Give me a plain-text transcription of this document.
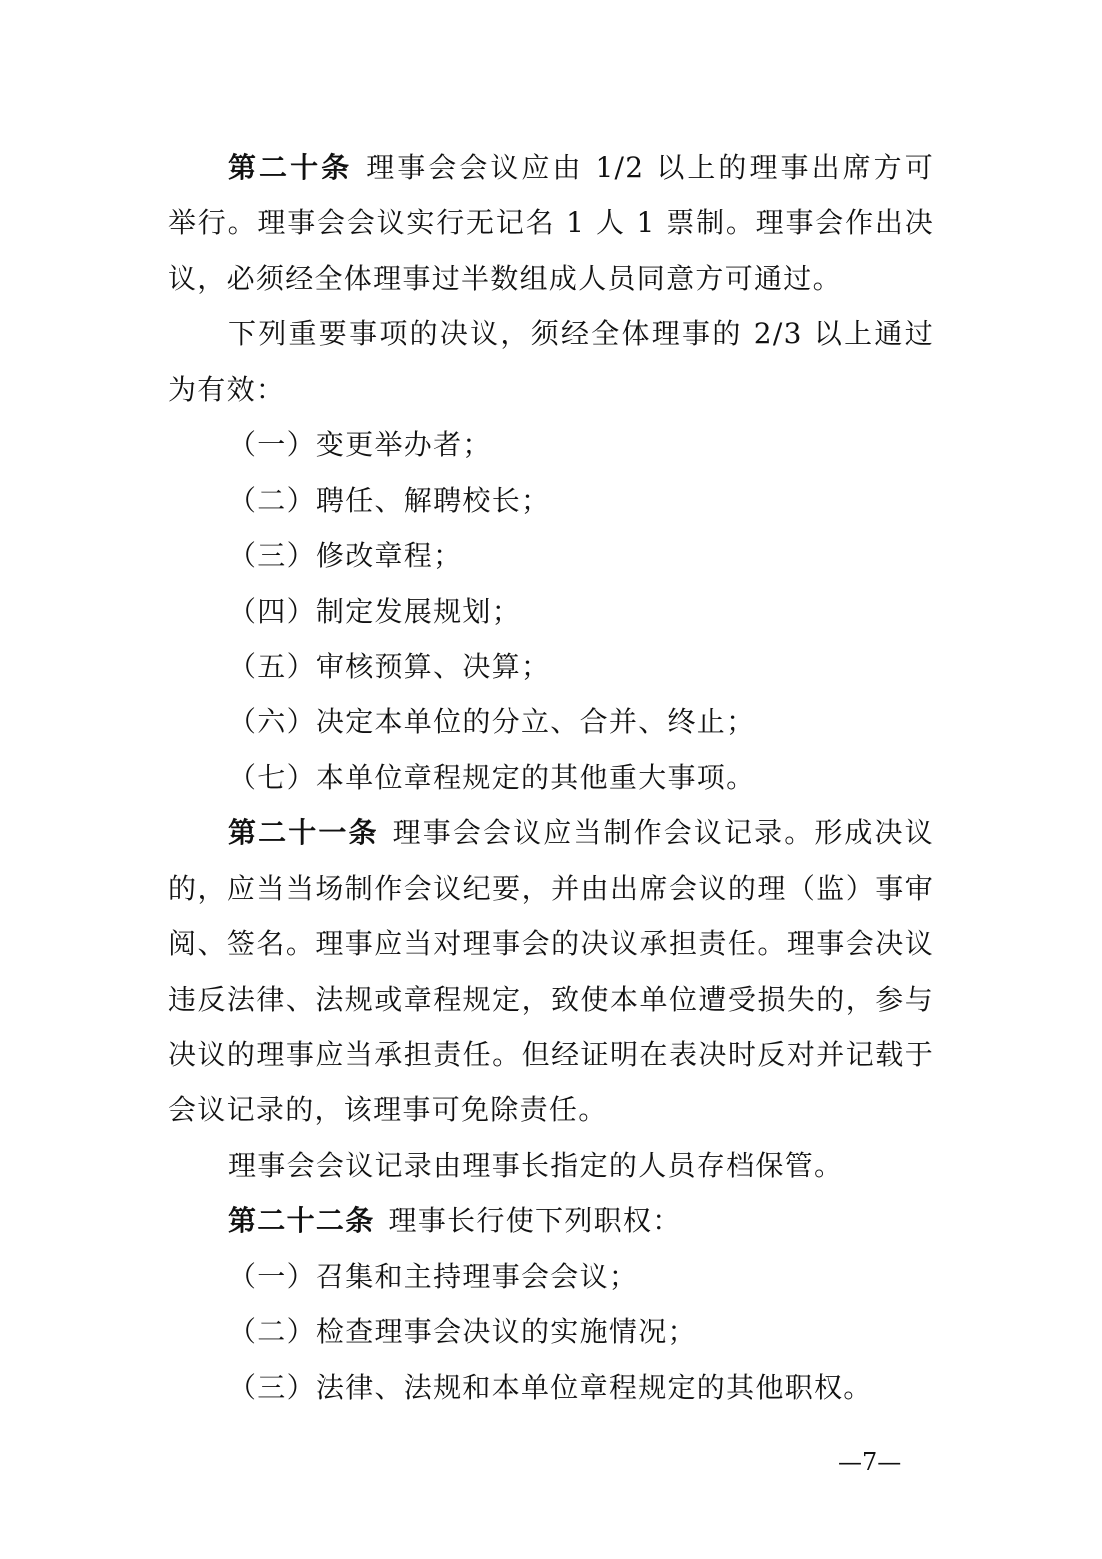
第二十条 理事会会议应由 1/2 以上的理事出席方可
举行。理事会会议实行无记名 1 人 1 票制。理事会作出决
议，必须经全体理事过半数组成人员同意方可通过。
下列重要事项的决议，须经全体理事的 2/3 以上通过
为有效：
（一）变更举办者；
（二）聘任、解聘校长；
（三）修改章程；
（四）制定发展规划；
（五）审核预算、决算；
（六）决定本单位的分立、合并、终止；
（七）本单位章程规定的其他重大事项。
第二十一条 理事会会议应当制作会议记录。形成决议
的，应当当场制作会议纪要，并由出席会议的理（监）事审
阅、签名。理事应当对理事会的决议承担责任。理事会决议
违反法律、法规或章程规定，致使本单位遭受损失的，参与
决议的理事应当承担责任。但经证明在表决时反对并记载于
会议记录的，该理事可免除责任。
理事会会议记录由理事长指定的人员存档保管。
第二十二条 理事长行使下列职权：
（一）召集和主持理事会会议；
（二）检查理事会决议的实施情况；
（三）法律、法规和本单位章程规定的其他职权。
—7—
